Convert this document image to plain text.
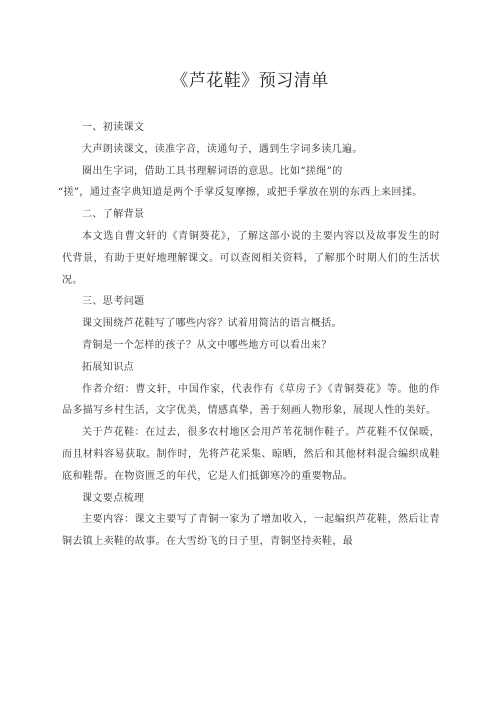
《芦花鞋》预习清单

一、初读课文

大声朗读课文，读准字音，读通句子，遇到生字词多读几遍。

圈出生字词，借助工具书理解词语的意思。比如“搓绳”的

“搓”，通过查字典知道是两个手掌反复摩擦，或把手掌放在别的东西上来回揉。

二、了解背景

本文选自曹文轩的《青铜葵花》，了解这部小说的主要内容以及故事发生的时代背景，有助于更好地理解课文。可以查阅相关资料，了解那个时期人们的生活状况。

三、思考问题

课文围绕芦花鞋写了哪些内容？试着用简洁的语言概括。

青铜是一个怎样的孩子？从文中哪些地方可以看出来？

拓展知识点

作者介绍：曹文轩，中国作家，代表作有《草房子》《青铜葵花》等。他的作品多描写乡村生活，文字优美，情感真挚，善于刻画人物形象，展现人性的美好。

关于芦花鞋：在过去，很多农村地区会用芦苇花制作鞋子。芦花鞋不仅保暖，而且材料容易获取。制作时，先将芦花采集、晾晒，然后和其他材料混合编织成鞋底和鞋帮。在物资匮乏的年代，它是人们抵御寒冷的重要物品。

课文要点梳理

主要内容：课文主要写了青铜一家为了增加收入，一起编织芦花鞋，然后让青铜去镇上卖鞋的故事。在大雪纷飞的日子里，青铜坚持卖鞋，最
